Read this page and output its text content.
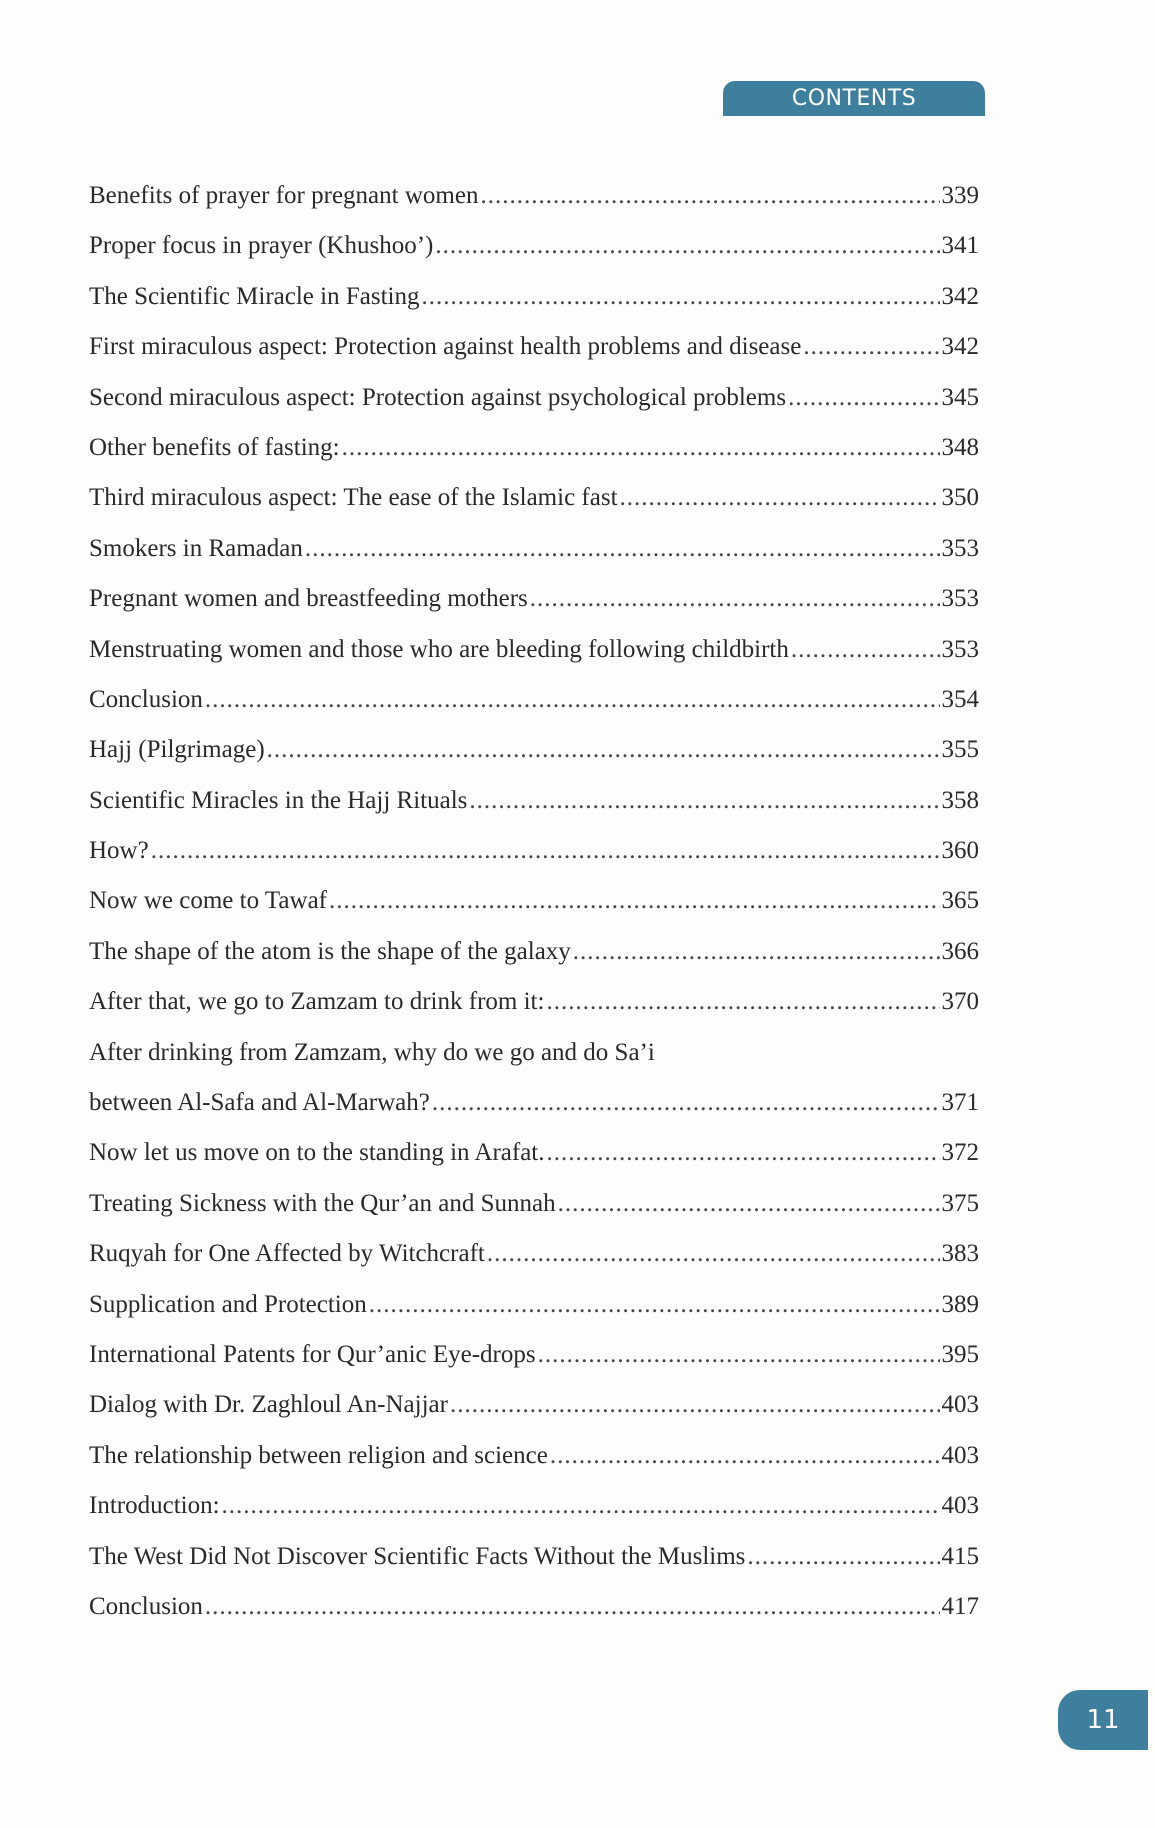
CONTENTS
Benefits of prayer for pregnant women .....	339
Proper focus in prayer (Khushoo’) .....	341
The Scientific Miracle in Fasting .....	342
First miraculous aspect: Protection against health problems and disease .....	342
Second miraculous aspect: Protection against psychological problems .....	345
Other benefits of fasting: .....	348
Third miraculous aspect: The ease of the Islamic fast .....	350
Smokers in Ramadan .....	353
Pregnant women and breastfeeding mothers .....	353
Menstruating women and those who are bleeding following childbirth .....	353
Conclusion .....	354
Hajj (Pilgrimage) .....	355
Scientific Miracles in the Hajj Rituals .....	358
How? .....	360
Now we come to Tawaf .....	365
The shape of the atom is the shape of the galaxy .....	366
After that, we go to Zamzam to drink from it: .....	370
After drinking from Zamzam, why do we go and do Sa’i
between Al-Safa and Al-Marwah? .....	371
Now let us move on to the standing in Arafat. .....	372
Treating Sickness with the Qur’an and Sunnah .....	375
Ruqyah for One Affected by Witchcraft .....	383
Supplication and Protection .....	389
International Patents for Qur’anic Eye-drops .....	395
Dialog with Dr. Zaghloul An-Najjar .....	403
The relationship between religion and science .....	403
Introduction: .....	403
The West Did Not Discover Scientific Facts Without the Muslims .....	415
Conclusion .....	417
11
